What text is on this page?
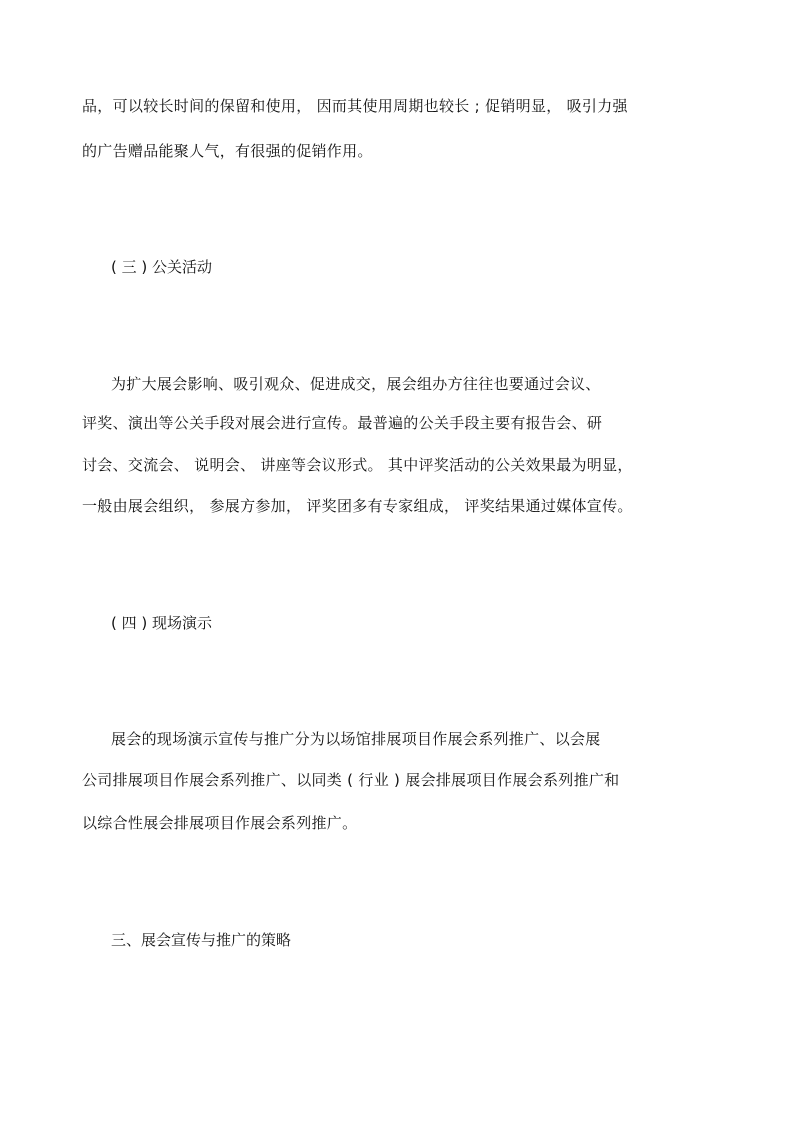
品，可以较长时间的保留和使用， 因而其使用周期也较长 ; 促销明显， 吸引力强
的广告赠品能聚人气，有很强的促销作用。
( 三 ) 公关活动
为扩大展会影响、吸引观众、促进成交，展会组办方往往也要通过会议、
评奖、演出等公关手段对展会进行宣传。最普遍的公关手段主要有报告会、研
讨会、交流会、 说明会、 讲座等会议形式。 其中评奖活动的公关效果最为明显，
一般由展会组织， 参展方参加， 评奖团多有专家组成， 评奖结果通过媒体宣传。
( 四 ) 现场演示
展会的现场演示宣传与推广分为以场馆排展项目作展会系列推广、以会展
公司排展项目作展会系列推广、以同类 ( 行业 ) 展会排展项目作展会系列推广和
以综合性展会排展项目作展会系列推广。
三、展会宣传与推广的策略
